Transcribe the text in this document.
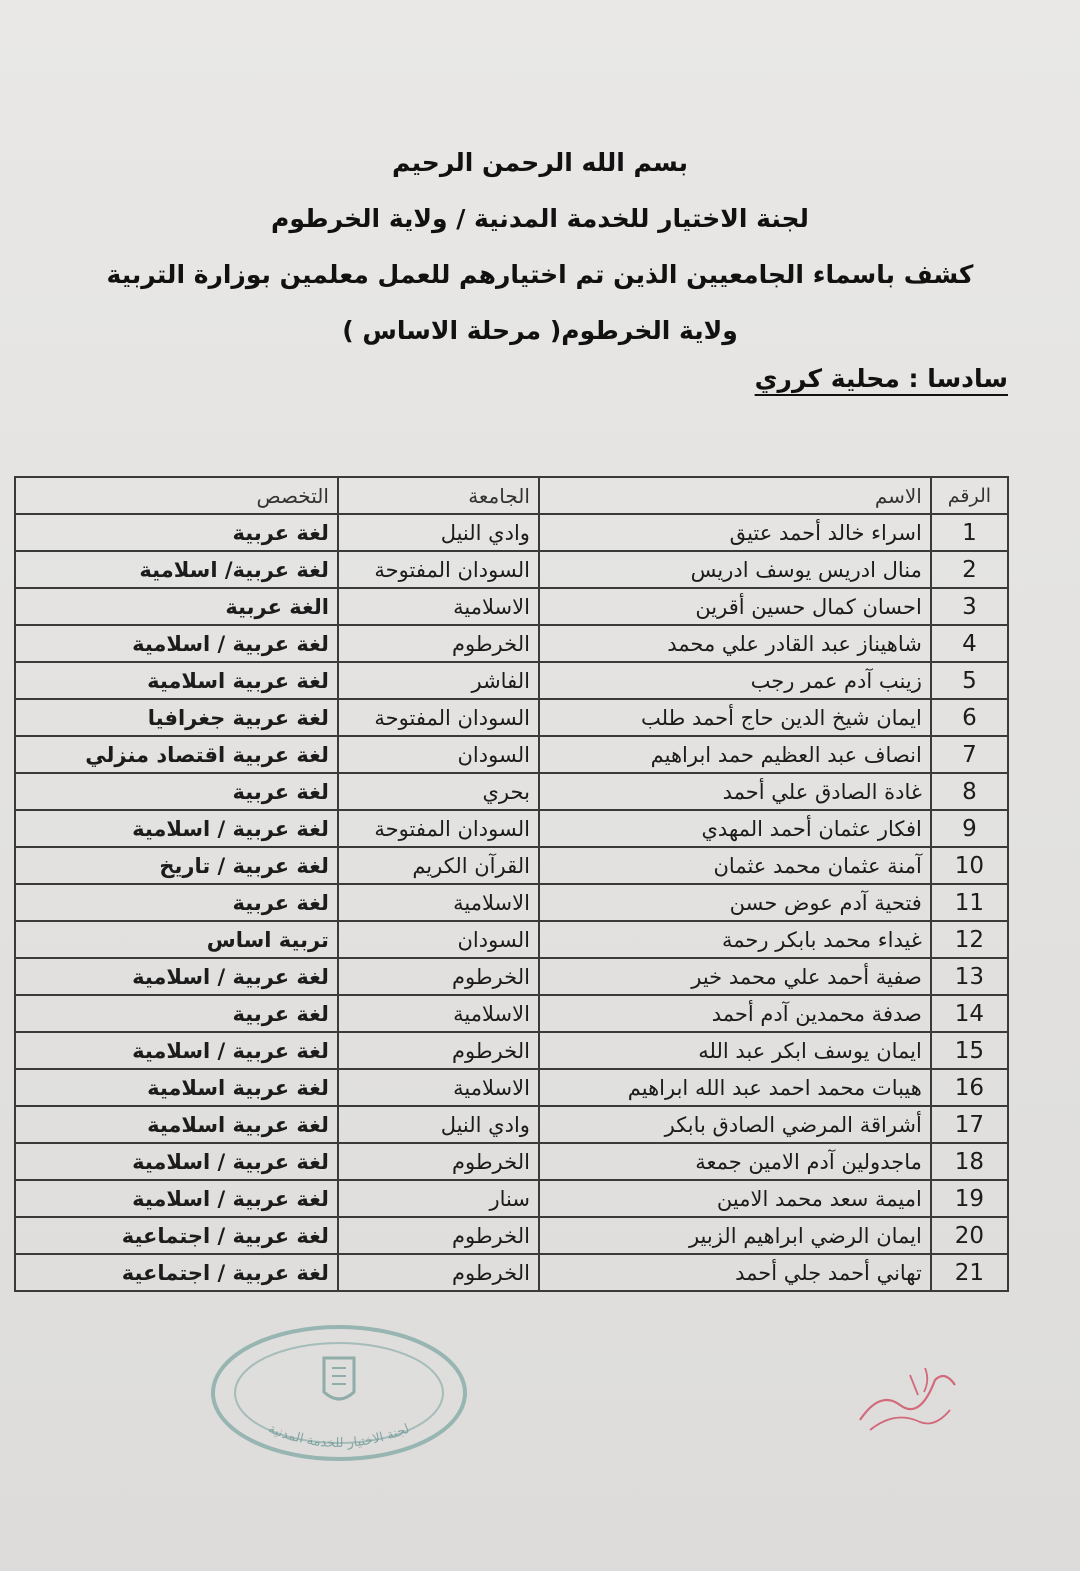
بسم الله الرحمن الرحيم
لجنة الاختيار للخدمة المدنية / ولاية الخرطوم
كشف باسماء الجامعيين الذين تم اختيارهم للعمل معلمين بوزارة التربية
ولاية الخرطوم( مرحلة الاساس )
سادسا : محلية كرري
الرقم	الاسم	الجامعة	التخصص
1	اسراء خالد أحمد عتيق	وادي النيل	لغة عربية
2	منال ادريس يوسف ادريس	السودان المفتوحة	لغة عربية/ اسلامية
3	احسان كمال حسين أقرين	الاسلامية	الغة عربية
4	شاهيناز عبد القادر علي محمد	الخرطوم	لغة عربية / اسلامية
5	زينب آدم عمر رجب	الفاشر	لغة عربية اسلامية
6	ايمان شيخ الدين حاج أحمد طلب	السودان المفتوحة	لغة عربية جغرافيا
7	انصاف عبد العظيم حمد ابراهيم	السودان	لغة عربية اقتصاد منزلي
8	غادة الصادق علي أحمد	بحري	لغة عربية
9	افكار عثمان أحمد المهدي	السودان المفتوحة	لغة عربية / اسلامية
10	آمنة عثمان محمد عثمان	القرآن الكريم	لغة عربية / تاريخ
11	فتحية آدم عوض حسن	الاسلامية	لغة عربية
12	غيداء محمد بابكر رحمة	السودان	تربية اساس
13	صفية أحمد علي محمد خير	الخرطوم	لغة عربية / اسلامية
14	صدفة محمدين آدم أحمد	الاسلامية	لغة عربية
15	ايمان يوسف ابكر عبد الله	الخرطوم	لغة عربية / اسلامية
16	هيبات محمد احمد عبد الله ابراهيم	الاسلامية	لغة عربية اسلامية
17	أشراقة المرضي الصادق بابكر	وادي النيل	لغة عربية اسلامية
18	ماجدولين آدم الامين جمعة	الخرطوم	لغة عربية / اسلامية
19	اميمة سعد محمد الامين	سنار	لغة عربية / اسلامية
20	ايمان الرضي ابراهيم الزبير	الخرطوم	لغة عربية / اجتماعية
21	تهاني أحمد جلي أحمد	الخرطوم	لغة عربية / اجتماعية
لجنة الاختيار للخدمة المدنية
